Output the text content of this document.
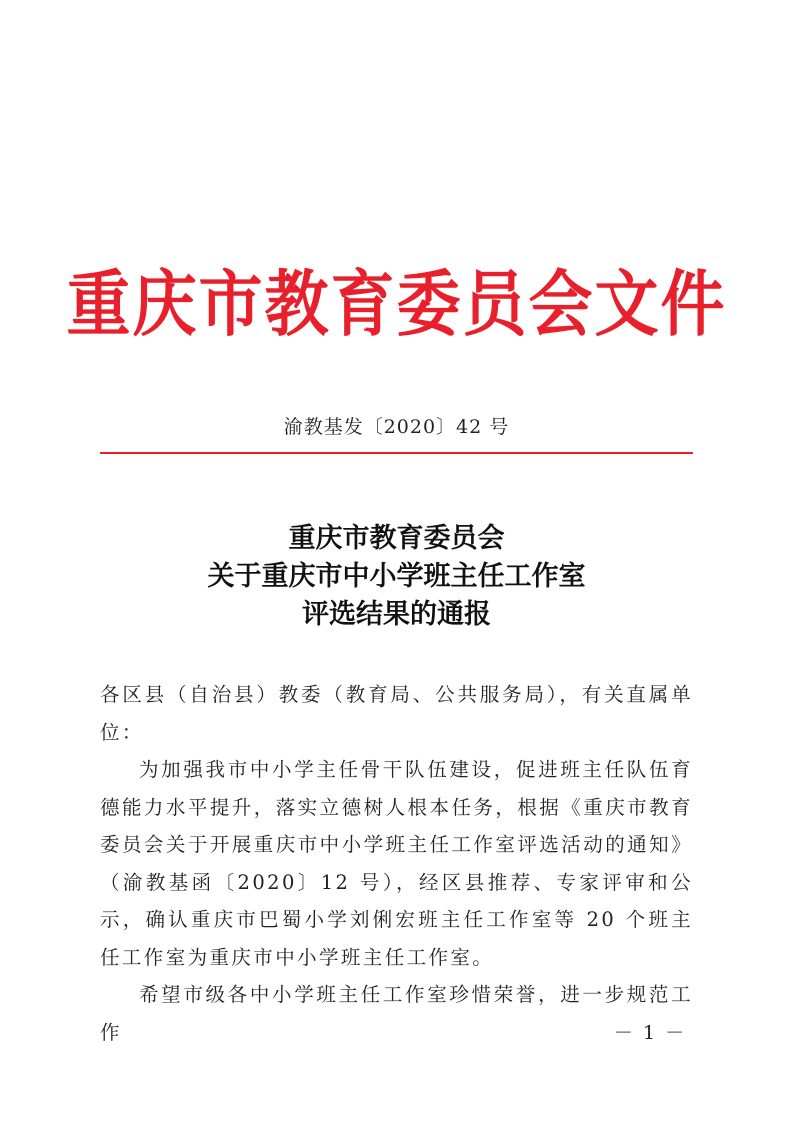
重庆市教育委员会文件
渝教基发〔2020〕42 号
重庆市教育委员会
关于重庆市中小学班主任工作室
评选结果的通报

各区县（自治县）教委（教育局、公共服务局），有关直属单位：

为加强我市中小学主任骨干队伍建设，促进班主任队伍育德能力水平提升，落实立德树人根本任务，根据《重庆市教育委员会关于开展重庆市中小学班主任工作室评选活动的通知》（渝教基函〔2020〕12 号），经区县推荐、专家评审和公示，确认重庆市巴蜀小学刘俐宏班主任工作室等 20 个班主任工作室为重庆市中小学班主任工作室。

希望市级各中小学班主任工作室珍惜荣誉，进一步规范工作	－ 1 －
